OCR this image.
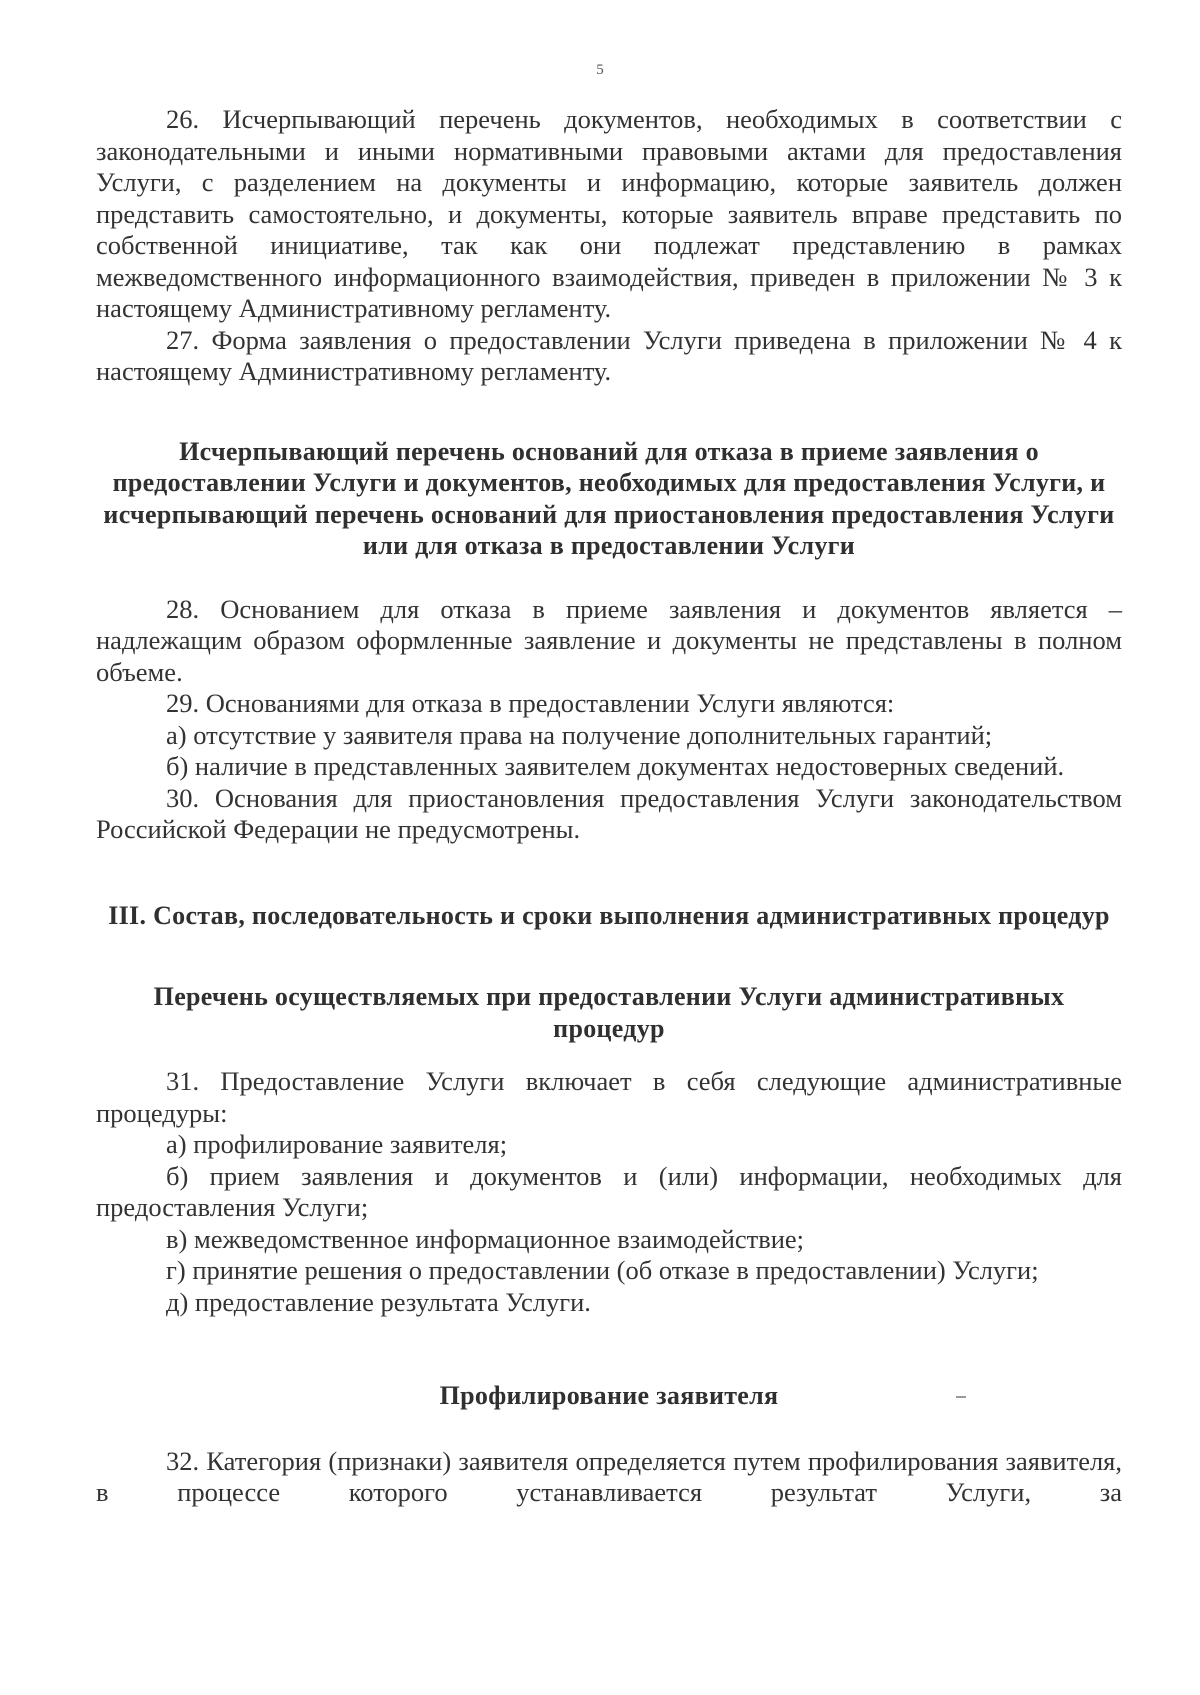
5

26. Исчерпывающий перечень документов, необходимых в соответствии с законодательными и иными нормативными правовыми актами для предоставления Услуги, с разделением на документы и информацию, которые заявитель должен представить самостоятельно, и документы, которые заявитель вправе представить по собственной инициативе, так как они подлежат представлению в рамках межведомственного информационного взаимодействия, приведен в приложении № 3 к настоящему Административному регламенту.

27. Форма заявления о предоставлении Услуги приведена в приложении № 4 к настоящему Административному регламенту.

Исчерпывающий перечень оснований для отказа в приеме заявления о предоставлении Услуги и документов, необходимых для предоставления Услуги, и исчерпывающий перечень оснований для приостановления предоставления Услуги или для отказа в предоставлении Услуги

28. Основанием для отказа в приеме заявления и документов является – надлежащим образом оформленные заявление и документы не представлены в полном объеме.

29. Основаниями для отказа в предоставлении Услуги являются:

а) отсутствие у заявителя права на получение дополнительных гарантий;

б) наличие в представленных заявителем документах недостоверных сведений.

30. Основания для приостановления предоставления Услуги законодательством Российской Федерации не предусмотрены.

III. Состав, последовательность и сроки выполнения административных процедур

Перечень осуществляемых при предоставлении Услуги административных процедур

31. Предоставление Услуги включает в себя следующие административные процедуры:

а) профилирование заявителя;

б) прием заявления и документов и (или) информации, необходимых для предоставления Услуги;

в) межведомственное информационное взаимодействие;

г) принятие решения о предоставлении (об отказе в предоставлении) Услуги;

д) предоставление результата Услуги.

Профилирование заявителя

32. Категория (признаки) заявителя определяется путем профилирования заявителя, в процессе которого устанавливается результат Услуги, за
